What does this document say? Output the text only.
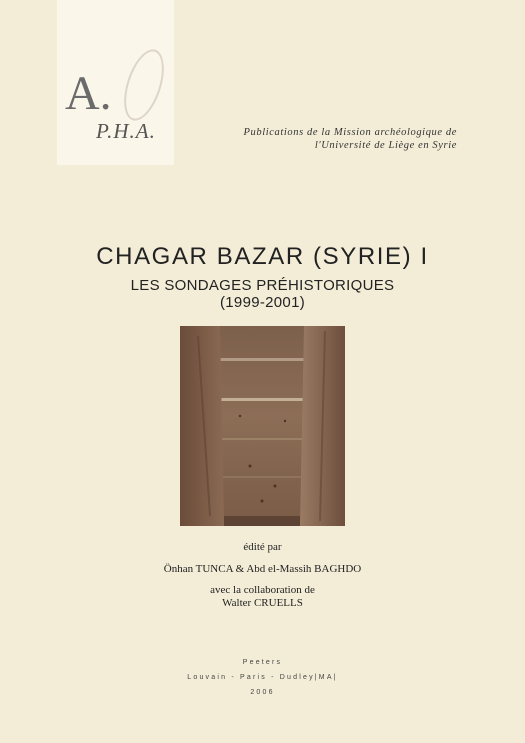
A.
P.H.A.	Publications de la Mission archéologique de
l'Université de Liège en Syrie
CHAGAR BAZAR (SYRIE) I
LES SONDAGES PRÉHISTORIQUES
(1999-2001)
édité par
Önhan TUNCA & Abd el-Massih BAGHDO
avec la collaboration de
Walter CRUELLS
Peeters
Louvain - Paris - Dudley|MA|
2006
